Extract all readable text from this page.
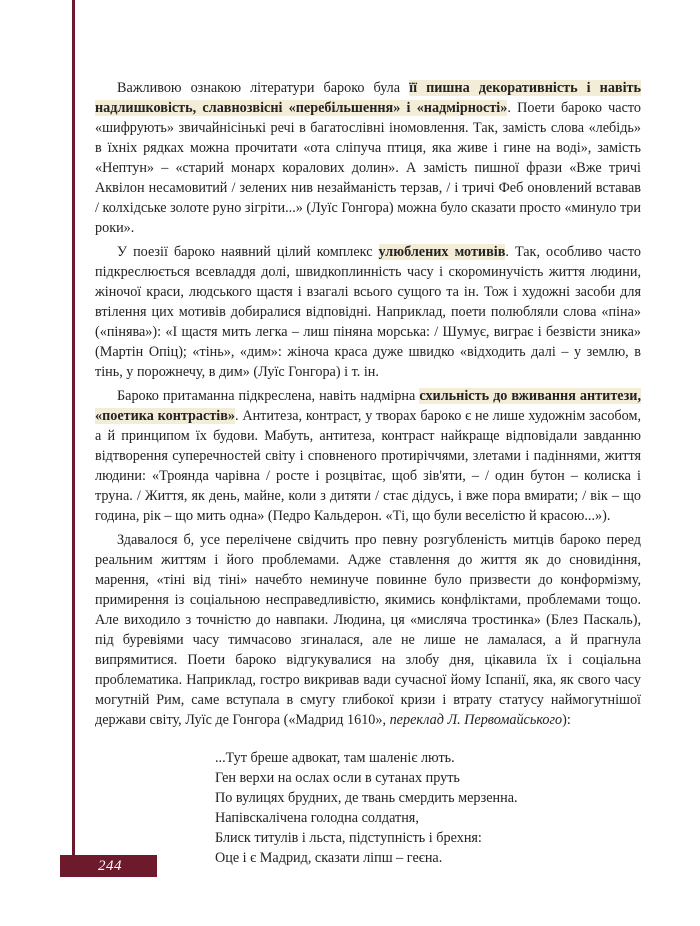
Важливою ознакою літератури бароко була її пишна декоративність і навіть надлишковість, славнозвісні «перебільшення» і «надмірності». Поети бароко часто «шифрують» звичайнісінькі речі в багатослівні іномовлення. Так, замість слова «лебідь» в їхніх рядках можна прочитати «ота сліпуча птиця, яка живе і гине на воді», замість «Нептун» – «старий монарх коралових долин». А замість пишної фрази «Вже тричі Аквілон несамовитий / зелених нив незайманість терзав, / і тричі Феб оновлений вставав / колхідське золоте руно зігріти...» (Луїс Гонгора) можна було сказати просто «минуло три роки».

У поезії бароко наявний цілий комплекс улюблених мотивів. Так, особливо часто підкреслюється всевладдя долі, швидкоплинність часу і скороминучість життя людини, жіночої краси, людського щастя і взагалі всього сущого та ін. Тож і художні засоби для втілення цих мотивів добиралися відповідні. Наприклад, поети полюбляли слова «піна» («пінява»): «І щастя мить легка – лиш піняна морська: / Шумує, виграє і безвісти зника» (Мартін Опіц); «тінь», «дим»: жіноча краса дуже швидко «відходить далі – у землю, в тінь, у порожнечу, в дим» (Луїс Гонгора) і т. ін.

Бароко притаманна підкреслена, навіть надмірна схильність до вживання антитези, «поетика контрастів». Антитеза, контраст, у творах бароко є не лише художнім засобом, а й принципом їх будови. Мабуть, антитеза, контраст найкраще відповідали завданню відтворення суперечностей світу і сповненого протиріччями, злетами і падіннями, життя людини: «Троянда чарівна / росте і розцвітає, щоб зів'яти, – / один бутон – колиска і труна. / Життя, як день, майне, коли з дитяти / стає дідусь, і вже пора вмирати; / вік – що година, рік – що мить одна» (Педро Кальдерон. «Ті, що були веселістю й красою...»).

Здавалося б, усе перелічене свідчить про певну розгубленість митців бароко перед реальним життям і його проблемами. Адже ставлення до життя як до сновидіння, марення, «тіні від тіні» начебто неминуче повинне було призвести до конформізму, примирення із соціальною несправедливістю, якимись конфліктами, проблемами тощо. Але виходило з точністю до навпаки. Людина, ця «мисляча тростинка» (Блез Паскаль), під буревіями часу тимчасово згиналася, але не лише не ламалася, а й прагнула випрямитися. Поети бароко відгукувалися на злобу дня, цікавила їх і соціальна проблематика. Наприклад, гостро викривав вади сучасної йому Іспанії, яка, як свого часу могутній Рим, саме вступала в смугу глибокої кризи і втрату статусу наймогутнішої держави світу, Луїс де Гонгора («Мадрид 1610», переклад Л. Первомайського):

...Тут бреше адвокат, там шаленіє лють.
Ген верхи на ослах осли в сутанах пруть
По вулицях брудних, де твань смердить мерзенна.
Напівскалічена голодна солдатня,
Блиск титулів і льста, підступність і брехня:
Оце і є Мадрид, сказати ліпш – геєна.
244
